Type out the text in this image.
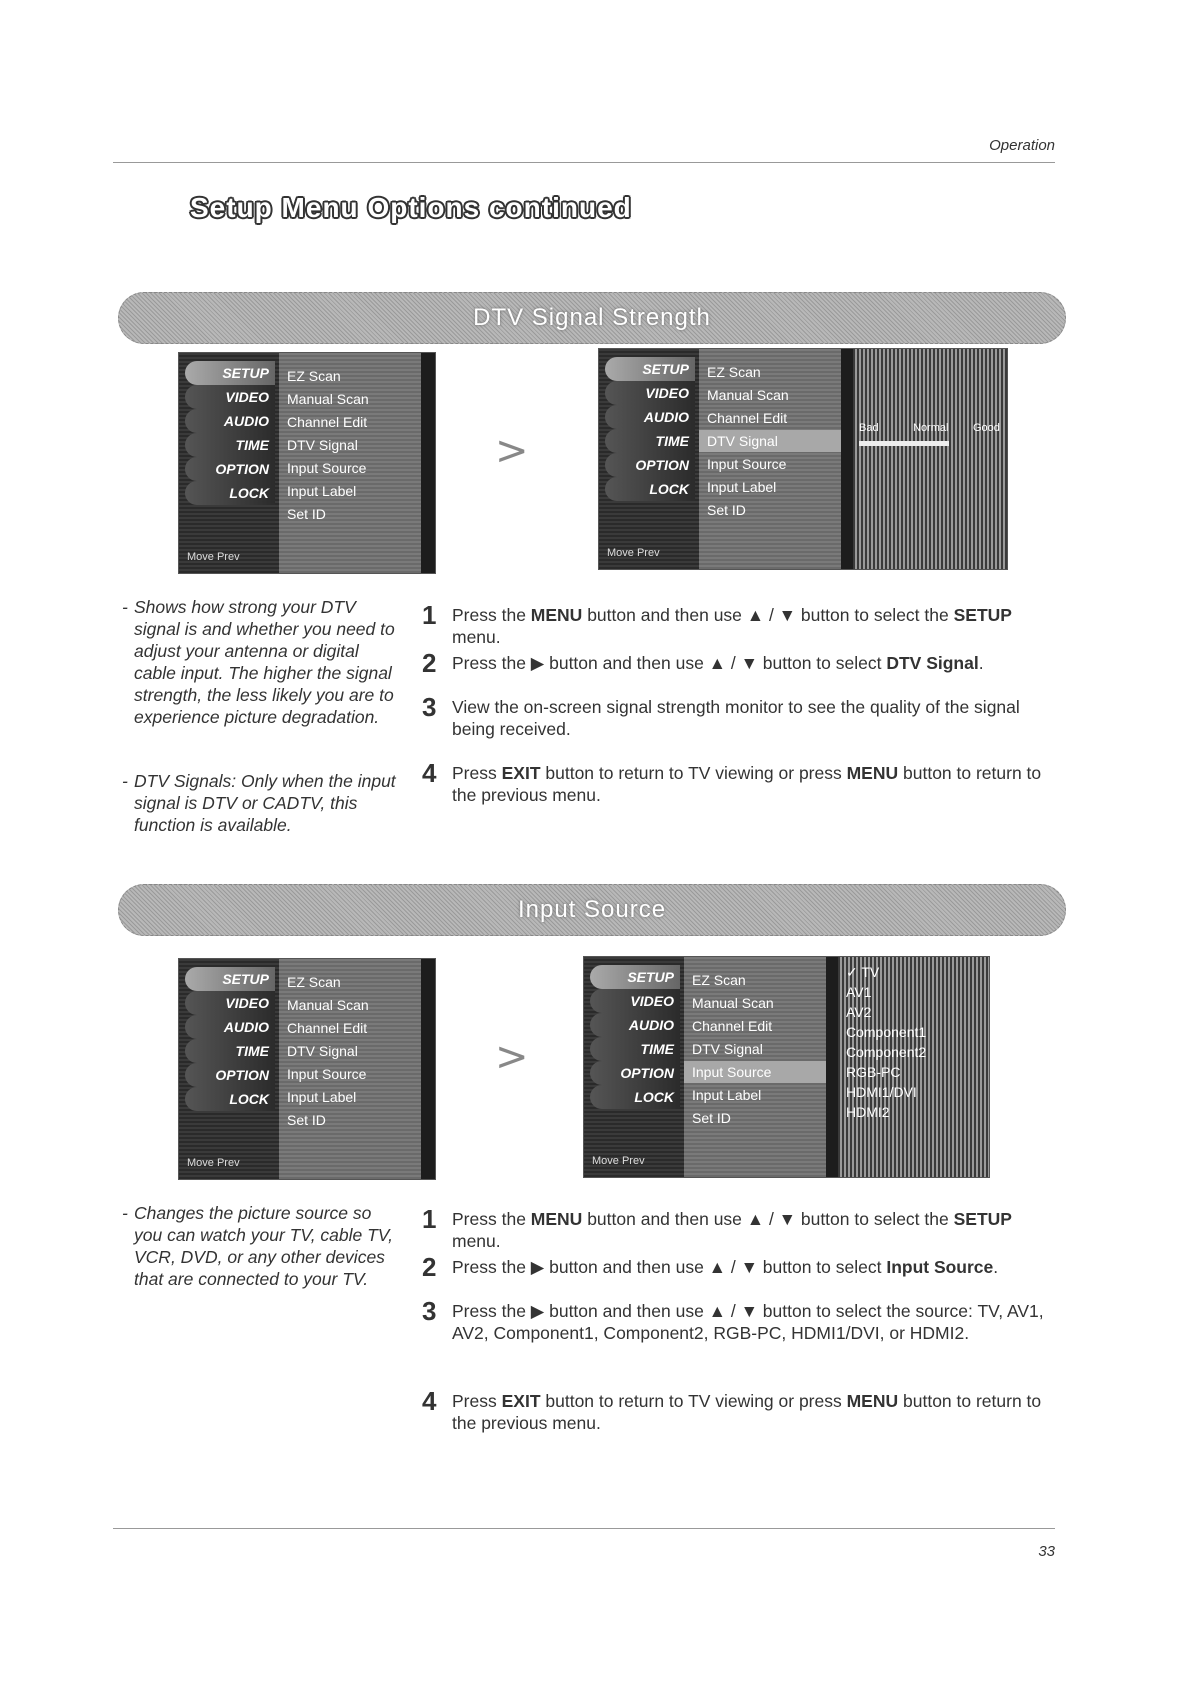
Operation
Setup Menu Options continued
DTV Signal Strength
SETUP
VIDEO
AUDIO
TIME
OPTION
LOCK
EZ Scan
Manual Scan
Channel Edit
DTV Signal
Input Source
Input Label
Set ID
Move Prev
>
SETUP
VIDEO
AUDIO
TIME
OPTION
LOCK
EZ Scan
Manual Scan
Channel Edit
DTV Signal
Input Source
Input Label
Set ID
Bad	Normal Good
Move Prev
- Shows how strong your DTV signal is and whether you need to adjust your antenna or digital cable input. The higher the signal strength, the less likely you are to experience picture degradation.
- DTV Signals: Only when the input signal is DTV or CADTV, this function is available.
1 Press the MENU button and then use ▲ / ▼ button to select the SETUP menu.
2 Press the ▶ button and then use ▲ / ▼ button to select DTV Signal.
3 View the on-screen signal strength monitor to see the quality of the signal being received.
4 Press EXIT button to return to TV viewing or press MENU button to return to the previous menu.
Input Source
SETUP
VIDEO
AUDIO
TIME
OPTION
LOCK
EZ Scan
Manual Scan
Channel Edit
DTV Signal
Input Source
Input Label
Set ID
Move Prev
>
SETUP
VIDEO
AUDIO
TIME
OPTION
LOCK
EZ Scan
Manual Scan
Channel Edit
DTV Signal
Input Source
Input Label
Set ID
✓ TV
AV1
AV2
Component1
Component2
RGB-PC
HDMI1/DVI
HDMI2
Move Prev
- Changes the picture source so you can watch your TV, cable TV, VCR, DVD, or any other devices that are connected to your TV.
1 Press the MENU button and then use ▲ / ▼ button to select the SETUP menu.
2 Press the ▶ button and then use ▲ / ▼ button to select Input Source.
3 Press the ▶ button and then use ▲ / ▼ button to select the source: TV, AV1, AV2, Component1, Component2, RGB-PC, HDMI1/DVI, or HDMI2.
4 Press EXIT button to return to TV viewing or press MENU button to return to the previous menu.
33
